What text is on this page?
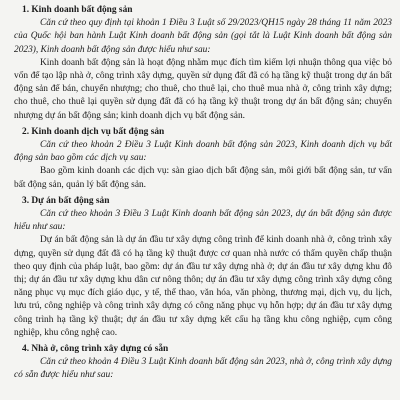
1. Kinh doanh bất động sản

Căn cứ theo quy định tại khoản 1 Điều 3 Luật số 29/2023/QH15 ngày 28 tháng 11 năm 2023 của Quốc hội ban hành Luật Kinh doanh bất động sản (gọi tắt là Luật Kinh doanh bất động sản 2023), Kinh doanh bất động sản được hiểu như sau:

Kinh doanh bất động sản là hoạt động nhằm mục đích tìm kiếm lợi nhuận thông qua việc bỏ vốn để tạo lập nhà ở, công trình xây dựng, quyền sử dụng đất đã có hạ tầng kỹ thuật trong dự án bất động sản để bán, chuyển nhượng; cho thuê, cho thuê lại, cho thuê mua nhà ở, công trình xây dựng; cho thuê, cho thuê lại quyền sử dụng đất đã có hạ tầng kỹ thuật trong dự án bất động sản; chuyển nhượng dự án bất động sản; kinh doanh dịch vụ bất động sản.

2. Kinh doanh dịch vụ bất động sản

Căn cứ theo khoản 2 Điều 3 Luật Kinh doanh bất động sản 2023, Kinh doanh dịch vụ bất động sản bao gồm các dịch vụ sau:

Bao gồm kinh doanh các dịch vụ: sàn giao dịch bất động sản, môi giới bất động sản, tư vấn bất động sản, quản lý bất động sản.

3. Dự án bất động sản

Căn cứ theo khoản 3 Điều 3 Luật Kinh doanh bất động sản 2023, dự án bất động sản được hiểu như sau:

Dự án bất động sản là dự án đầu tư xây dựng công trình để kinh doanh nhà ở, công trình xây dựng, quyền sử dụng đất đã có hạ tầng kỹ thuật được cơ quan nhà nước có thẩm quyền chấp thuận theo quy định của pháp luật, bao gồm: dự án đầu tư xây dựng nhà ở; dự án đầu tư xây dựng khu đô thị; dự án đầu tư xây dựng khu dân cư nông thôn; dự án đầu tư xây dựng công trình xây dựng công năng phục vụ mục đích giáo dục, y tế, thể thao, văn hóa, văn phòng, thương mại, dịch vụ, du lịch, lưu trú, công nghiệp và công trình xây dựng có công năng phục vụ hỗn hợp; dự án đầu tư xây dựng công trình hạ tầng kỹ thuật; dự án đầu tư xây dựng kết cấu hạ tầng khu công nghiệp, cụm công nghiệp, khu công nghệ cao.

4. Nhà ở, công trình xây dựng có sẵn

Căn cứ theo khoản 4 Điều 3 Luật Kinh doanh bất động sản 2023, nhà ở, công trình xây dựng có sẵn được hiểu như sau:
